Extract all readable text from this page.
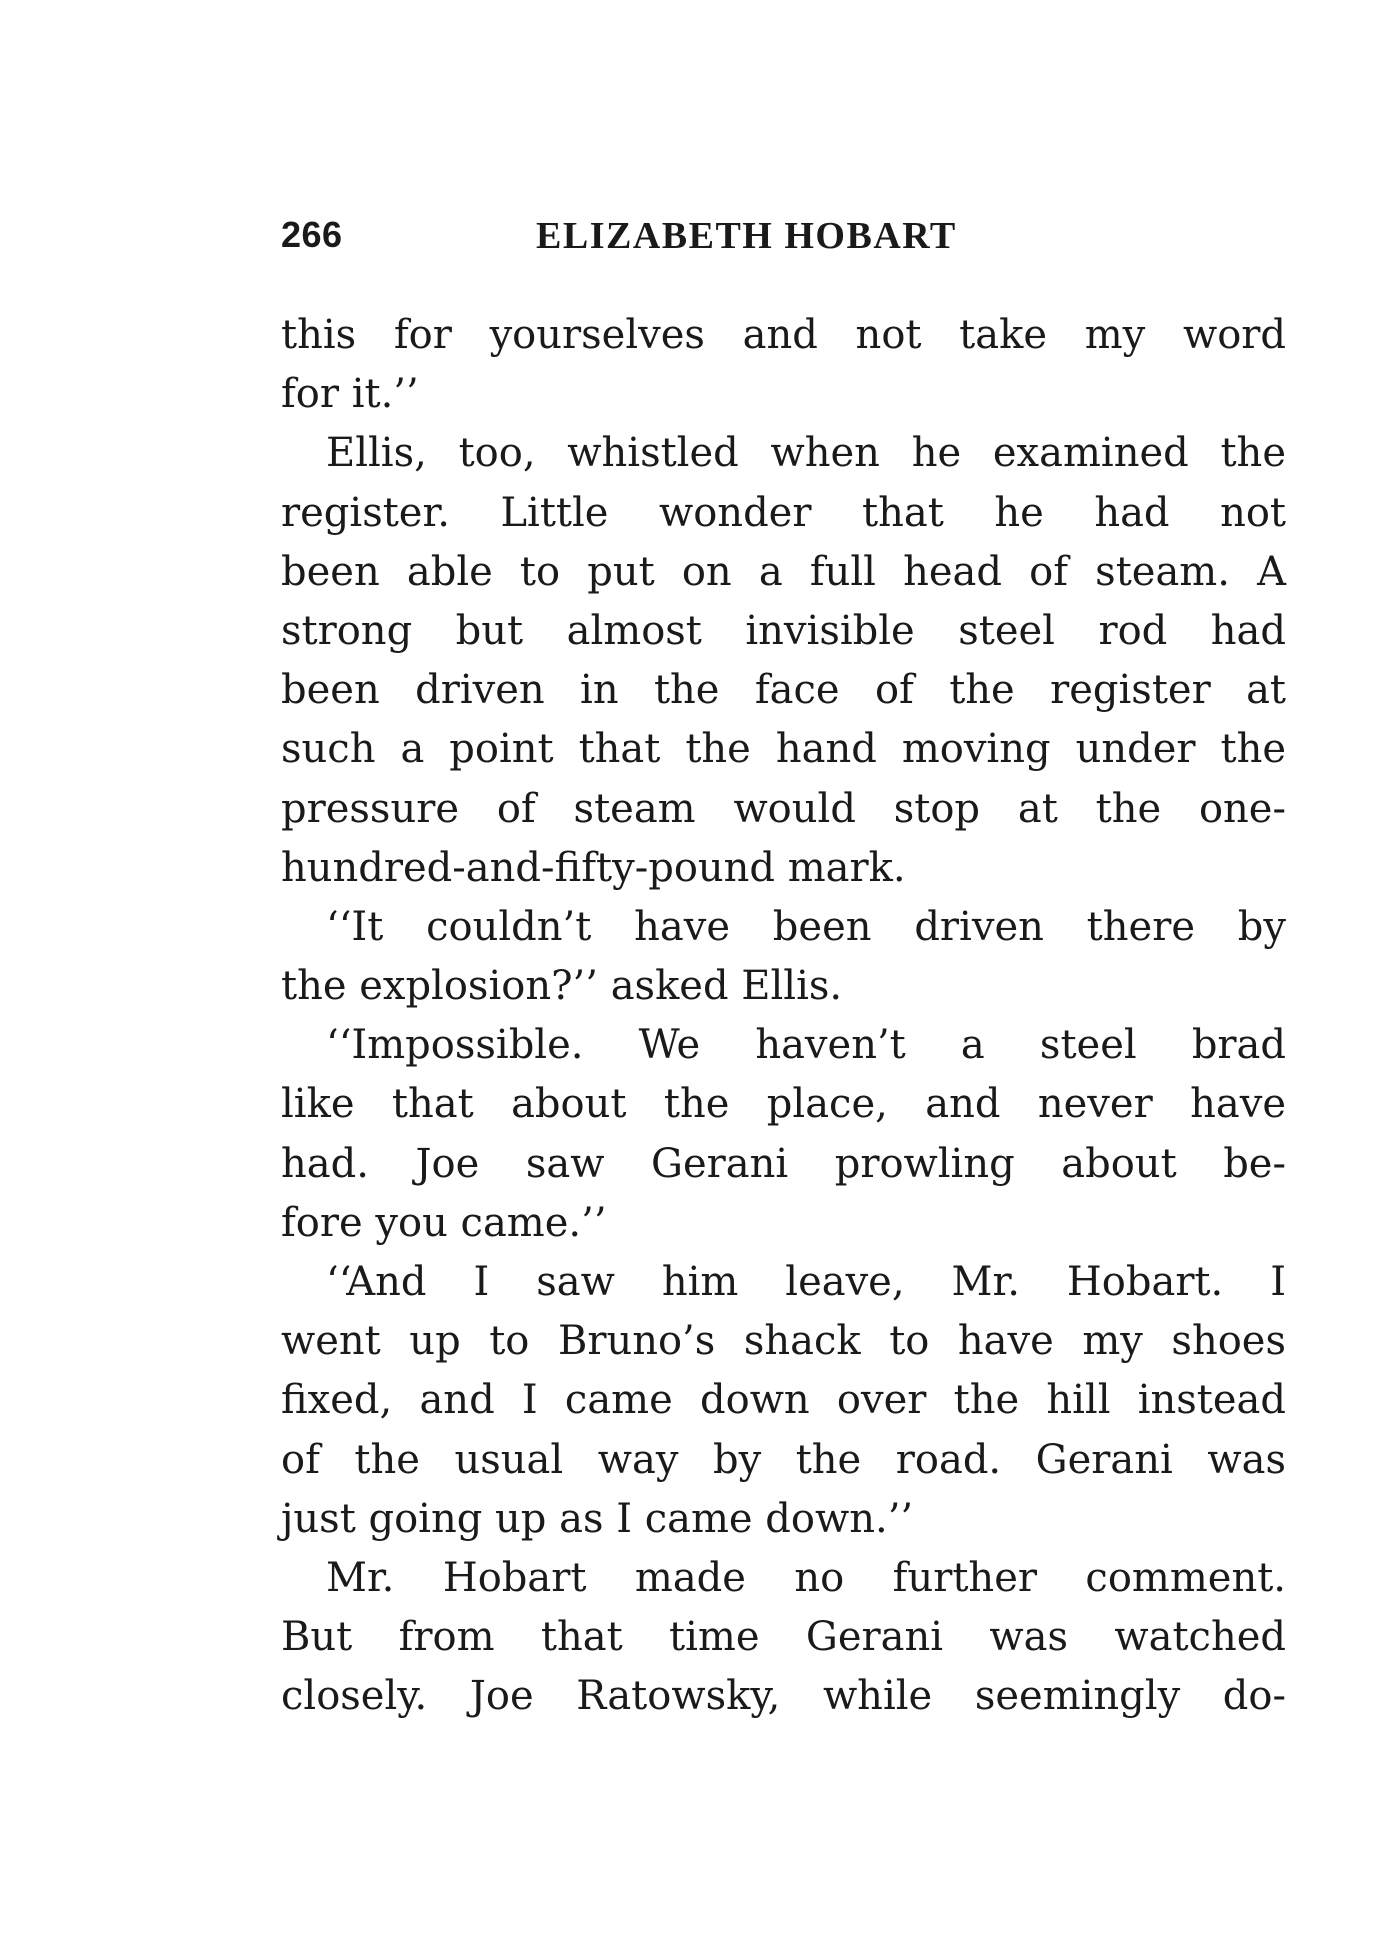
266	ELIZABETH HOBART
this for yourselves and not take my word
for it.’’
Ellis, too, whistled when he examined the
register. Little wonder that he had not
been able to put on a full head of steam. A
strong but almost invisible steel rod had
been driven in the face of the register at
such a point that the hand moving under the
pressure of steam would stop at the one-
hundred-and-fifty-pound mark.
‘‘It couldn’t have been driven there by
the explosion?’’ asked Ellis.
‘‘Impossible. We haven’t a steel brad
like that about the place, and never have
had. Joe saw Gerani prowling about be-
fore you came.’’
‘‘And I saw him leave, Mr. Hobart. I
went up to Bruno’s shack to have my shoes
fixed, and I came down over the hill instead
of the usual way by the road. Gerani was
just going up as I came down.’’
Mr. Hobart made no further comment.
But from that time Gerani was watched
closely. Joe Ratowsky, while seemingly do-
